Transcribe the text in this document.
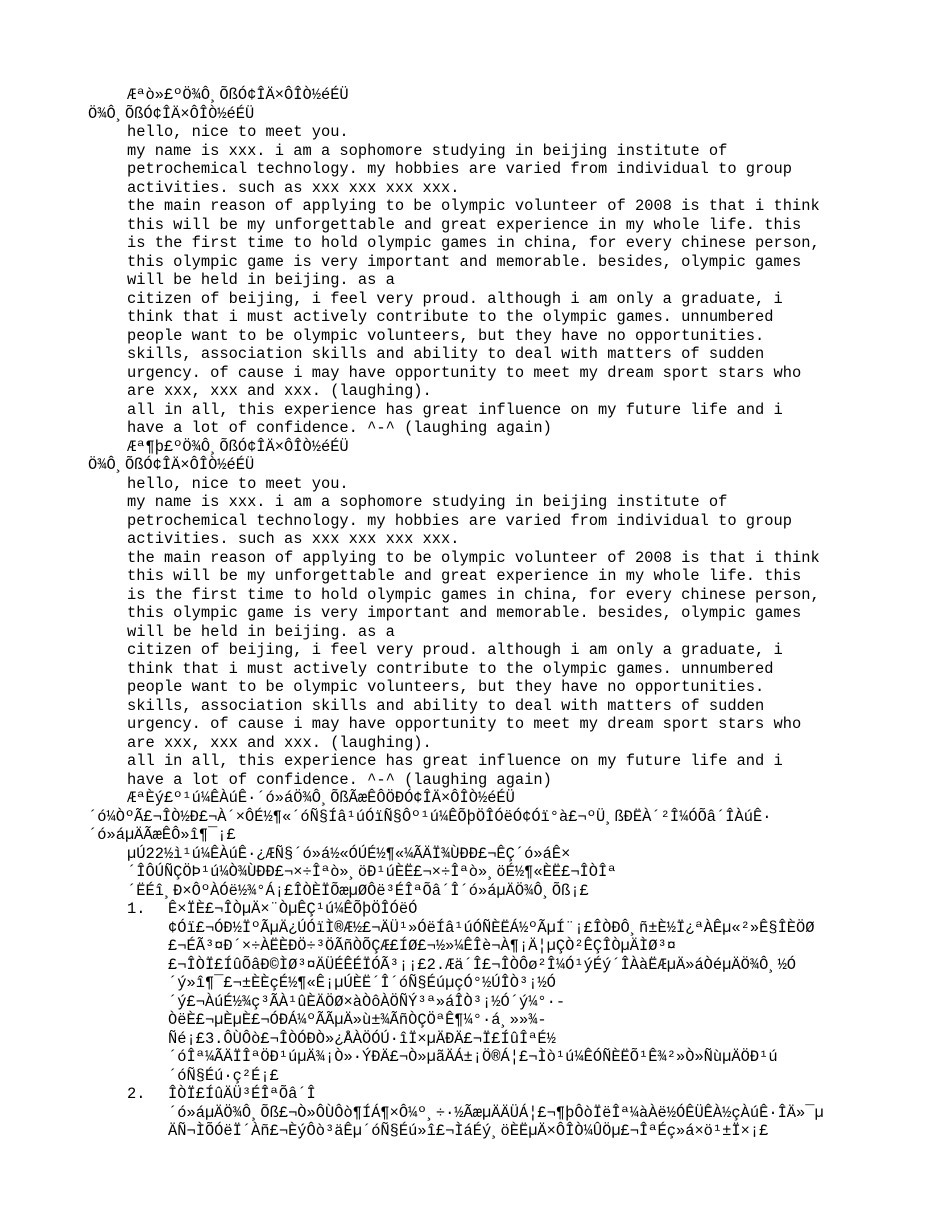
Æªò»£ºÖ¾Ô¸ÕßÓ¢ÎÄ×ÔÎÒ½éÉÜ
Ö¾Ô¸ÕßÓ¢ÎÄ×ÔÎÒ½éÉÜ
hello, nice to meet you.
my name is xxx. i am a sophomore studying in beijing institute of
petrochemical technology. my hobbies are varied from individual to group
activities. such as xxx xxx xxx xxx.
the main reason of applying to be olympic volunteer of 2008 is that i think
this will be my unforgettable and great experience in my whole life. this
is the first time to hold olympic games in china, for every chinese person,
this olympic game is very important and memorable. besides, olympic games
will be held in beijing. as a
citizen of beijing, i feel very proud. although i am only a graduate, i
think that i must actively contribute to the olympic games. unnumbered
people want to be olympic volunteers, but they have no opportunities.
skills, association skills and ability to deal with matters of sudden
urgency. of cause i may have opportunity to meet my dream sport stars who
are xxx, xxx and xxx. (laughing).
all in all, this experience has great influence on my future life and i
have a lot of confidence. ^-^ (laughing again)
Æª¶þ£ºÖ¾Ô¸ÕßÓ¢ÎÄ×ÔÎÒ½éÉÜ
Ö¾Ô¸ÕßÓ¢ÎÄ×ÔÎÒ½éÉÜ
hello, nice to meet you.
my name is xxx. i am a sophomore studying in beijing institute of
petrochemical technology. my hobbies are varied from individual to group
activities. such as xxx xxx xxx xxx.
the main reason of applying to be olympic volunteer of 2008 is that i think
this will be my unforgettable and great experience in my whole life. this
is the first time to hold olympic games in china, for every chinese person,
this olympic game is very important and memorable. besides, olympic games
will be held in beijing. as a
citizen of beijing, i feel very proud. although i am only a graduate, i
think that i must actively contribute to the olympic games. unnumbered
people want to be olympic volunteers, but they have no opportunities.
skills, association skills and ability to deal with matters of sudden
urgency. of cause i may have opportunity to meet my dream sport stars who
are xxx, xxx and xxx. (laughing).
all in all, this experience has great influence on my future life and i
have a lot of confidence. ^-^ (laughing again)
ÆªÈý£º¹ú¼ÊÀúÊ·´ó»áÖ¾Ô¸ÕßÃæÊÔÖÐÓ¢ÎÄ×ÔÎÒ½éÉÜ
´ó¼ÒºÃ£¬ÎÒ½Ð£¬À´×ÔÉ½¶«´óÑ§Íâ¹úÓïÑ§Ôº¹ú¼ÊÕþÖÎÓëÓ¢Óï°à£¬ºÜ¸ßÐËÀ´²Î¼ÓÕâ´ÎÀúÊ·
´ó»áµÄÃæÊÔ»î¶¯¡£
µÚ22½ì¹ú¼ÊÀúÊ·¿ÆÑ§´ó»á½«ÓÚÉ½¶«¼ÃÄÏ¾ÙÐÐ£¬ÊÇ´ó»áÊ×
´ÎÔÚÑÇÖÞ¹ú¼Ò¾ÙÐÐ£¬×÷Îªò»¸öÐ¹úÈË£¬×÷Îªò»¸öÉ½¶«ÈË£¬ÎÒÎª
´ËÉî¸Ð×ÔºÀÓë½¾°Á¡£ÎÒÈÏÕæµØÔë³ÉÎªÕâ´Î´ó»áµÄÖ¾Ô¸Õß¡£
1. Ê×ÏÈ£¬ÎÒµÄ×¨ÒµÊÇ¹ú¼ÊÕþÖÎÓëÓ
¢Óï£¬ÓÐ½ÏºÃµÄ¿ÚÓïÌ®Æ½£¬ÄÜ¹»ÓëÍâ¹úÓÑÈËÁ½ºÃµÍ¨¡£ÎÒÐÔ¸ñ±È½Ï¿ªÀÊµ«²»Ê§ÎÈÖØ
£¬ÉÃ³¤Ð´×÷ÀËÈÐÖ÷³ÖÃñÒÕÇÆ£ÍØ£¬½»¼ÊÎè¬À¶¡Ä¦µÇÒ²ÊÇÎÒµÄÌØ³¤
£¬ÎÒÏ£ÍûÕâÐ©ÌØ³¤ÄÜÉÊÉÏÓÃ³¡¡£2.Æä´Î£¬ÎÒÔø²Î¼Ó¹ýÉý´ÎÀàËÆµÄ»áÒéµÄÖ¾Ô¸½Ó
´ý»î¶¯£¬±ÈÈçÉ½¶«Ê¡µÚÈË´Î´óÑ§ÉúµçÓ°½ÚÎÒ³¡½Ó
´ý£¬ÀúÉ½¾ç³ÃÀ¹ûÈÄÖØ×àÒôÀÖÑÝ³ª»áÎÒ³¡½Ó´ý¼°·-
ÒëÈ£¬µÈµÈ£¬ÓÐÁ¼ºÃÃµÄ»ù±¾ÃñÒÇÖªÊ¶¼°·á¸»»¾-
Ñé¡£3.ÔÙÔò£¬ÎÒÓÐÒ»¿ÅÀÖÓÚ·îÏ×µÄÐÄ£¬Ï£ÍûÎªÉ½
´óÎª¼ÃÄÏÎªÖÐ¹úµÄ¾¡Ò»·ÝÐÄ£¬Ò»µãÄÁ±¡Ö®Á¦£¬Ìò¹ú¼ÊÓÑÈËÕ¹Ê¾²»Ò»ÑùµÄÖÐ¹ú
´óÑ§Éú·ç²É¡£
2. ÎÒÏ£ÍûÄÜ³ÉÎªÕâ´Î
´ó»áµÄÖ¾Ô¸Õß£¬Ò»ÔÙÔò¶ÍÁ¶×Ô¼º¸÷·½ÃæµÄÄÜÁ¦£¬¶þÔòÏëÎª¼àÀë½ÓÊÜÊÀ½çÀúÊ·ÎÄ»¯µ
ÄÑ¬ÌÕÓëÏ´Àñ£¬ÈýÔò³äÊµ´óÑ§Éú»î£¬ÌáÉý¸öÈËµÄ×ÔÎÒ¼ÛÖµ£¬ÎªÉç»á×ö¹±Ï×¡£
